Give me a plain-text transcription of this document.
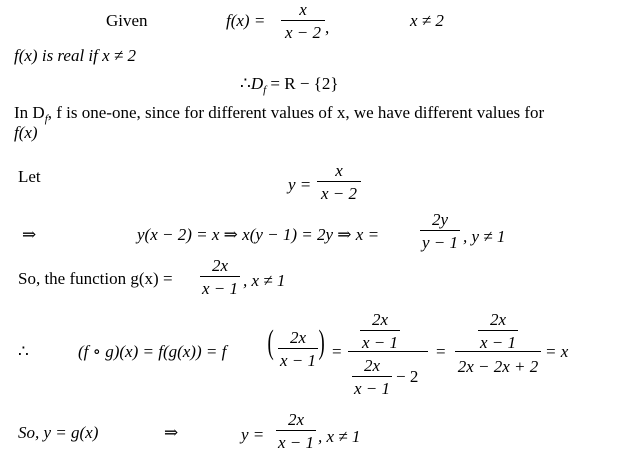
Given	$f(x) = \frac{x}{x - 2}$ ,	x ≠ 2
f(x) is real if x ≠ 2
$\therefore D_f = R - \{2\}$
In $D_f$, f is one-one, since for different values of x, we have different values for
f(x)
Let	$y = \frac{x}{x - 2}$
⇒	y(x − 2) = x ⇒ x(y − 1) = 2y ⇒ $x = \frac{2y}{y - 1}$ , y ≠ 1
So, the function $g(x) = \frac{2x}{x - 1}$ , x ≠ 1
∴	(f ∘ g)(x) = f(g(x)) = f ( $\frac{2x}{x - 1}$ ) =
$\frac{2x}{x - 1}$
$\frac{2x}{x - 1} - 2$
=
$\frac{2x}{x - 1}$
2x − 2x + 2
= x
So, y = g(x)	⇒	$y = \frac{2x}{x - 1}$ , x ≠ 1
